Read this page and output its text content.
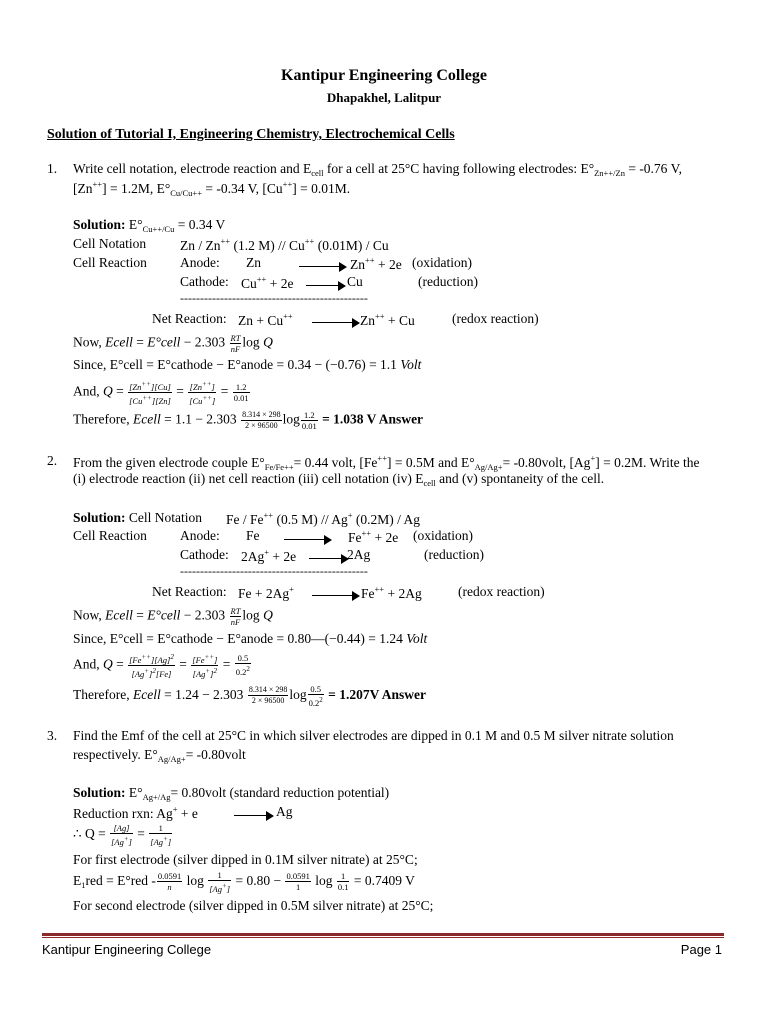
Kantipur Engineering College
Dhapakhel, Lalitpur
Solution of Tutorial I, Engineering Chemistry, Electrochemical Cells
1. Write cell notation, electrode reaction and $E_{cell}$ for a cell at 25°C having following electrodes: $E^\circ_{Zn++/Zn} = -0.76$ V,
[Zn++] = 1.2M, $E^\circ_{Cu/Cu++} = -0.34$ V, [Cu++] = 0.01M.
Solution: $E^\circ_{Cu++/Cu} = 0.34$ V
Cell Notation	Zn / Zn++ (1.2 M) // Cu++ (0.01M) / Cu
Cell Reaction Anode: Zn	Zn++ + 2e (oxidation)
Cathode: Cu++ + 2e	Cu	(reduction)
-----------------------------------------------
Net Reaction: Zn + Cu++	Zn++ + Cu	(redox reaction)
Now, Ecell = E°cell − $2.303 \frac{RT}{nF}$ log Q
Since, E°cell = E°cathode − E°anode = 0.34 − (−0.76) = 1.1 Volt
And, $Q = \frac{[Zn^{++}][Cu]}{[Cu^{++}][Zn]} = \frac{[Zn^{++}]}{[Cu^{++}]} = \frac{1.2}{0.01}$
Therefore, Ecell = $1.1 - 2.303 \frac{8.314 \times 298}{2 \times 96500}$ $\log \frac{1.2}{0.01} = 1.038$ V Answer
2. From the given electrode couple $E^\circ_{Fe/Fe++}= 0.44$ volt, [Fe++] = 0.5M and $E^\circ_{Ag/Ag+}=$ -0.80volt, [Ag+] = 0.2M. Write the
(i) electrode reaction (ii) net cell reaction (iii) cell notation (iv) $E_{cell}$ and (v) spontaneity of the cell.
Solution: Cell Notation Fe / Fe++ (0.5 M) // Ag+ (0.2M) / Ag
Cell Reaction Anode: Fe	Fe++ + 2e (oxidation)
Cathode: 2Ag+ + 2e	2Ag	(reduction)
-----------------------------------------------
Net Reaction: Fe + 2Ag+	Fe++ + 2Ag	(redox reaction)
Now, Ecell = E°cell − $2.303 \frac{RT}{nF}$ log Q
Since, E°cell = E°cathode − E°anode = 0.80—(−0.44) = 1.24 Volt
And, $Q = \frac{[Fe^{++}][Ag]^2}{[Ag^+]^2[Fe]} = \frac{[Fe^{++}]}{[Ag^+]^2} = \frac{0.5}{0.2^2}$
Therefore, Ecell = $1.24 - 2.303 \frac{8.314 \times 298}{2 \times 96500}$ $\log \frac{0.5}{0.2^2} = 1.207V$ Answer
3. Find the Emf of the cell at 25°C in which silver electrodes are dipped in 0.1 M and 0.5 M silver nitrate solution
respectively. $E^\circ_{Ag/Ag+}=$ -0.80volt
Solution: $E^\circ_{Ag+/Ag}=$ 0.80volt (standard reduction potential)
Reduction rxn: Ag+ + e	Ag
∴ $Q = \frac{[Ag]}{[Ag^+]} = \frac{1}{[Ag^+]}$
For first electrode (silver dipped in 0.1M silver nitrate) at 25°C;
$E_1red = E^\circ red - \frac{0.0591}{n}$ $\log \frac{1}{[Ag^+]} = 0.80 - \frac{0.0591}{1}$ $\log \frac{1}{0.1} = 0.7409$ V
For second electrode (silver dipped in 0.5M silver nitrate) at 25°C;
Kantipur Engineering College	Page 1
